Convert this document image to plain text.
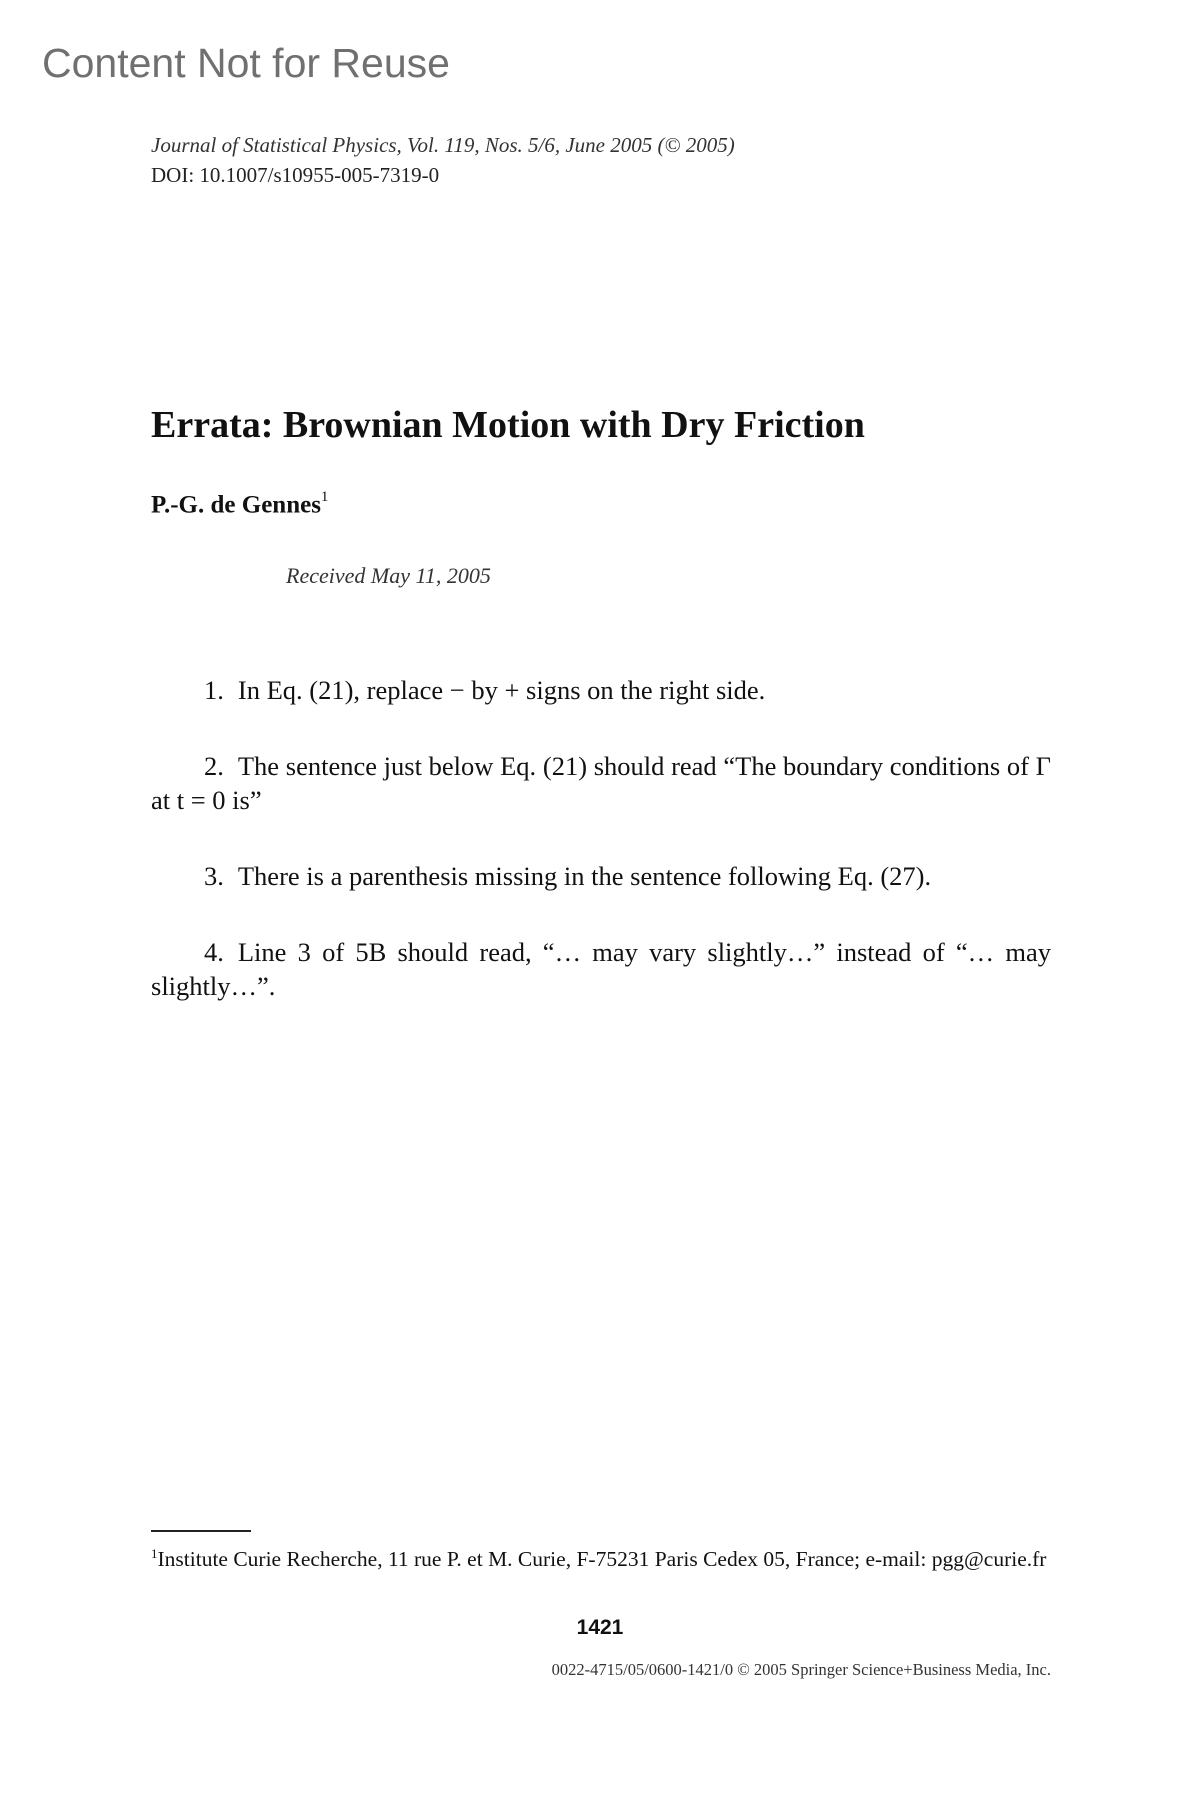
Content Not for Reuse
Journal of Statistical Physics, Vol. 119, Nos. 5/6, June 2005 (© 2005)
DOI: 10.1007/s10955-005-7319-0
Errata: Brownian Motion with Dry Friction
P.-G. de Gennes$^1$
Received May 11, 2005

1. In Eq. (21), replace − by + signs on the right side.

2. The sentence just below Eq. (21) should read “The boundary conditions of Γ at t = 0 is”

3. There is a parenthesis missing in the sentence following Eq. (27).

4. Line 3 of 5B should read, “… may vary slightly…” instead of “… may slightly…”.

$^1$Institute Curie Recherche, 11 rue P. et M. Curie, F-75231 Paris Cedex 05, France; e-mail: pgg@curie.fr
1421
0022-4715/05/0600-1421/0 © 2005 Springer Science+Business Media, Inc.
